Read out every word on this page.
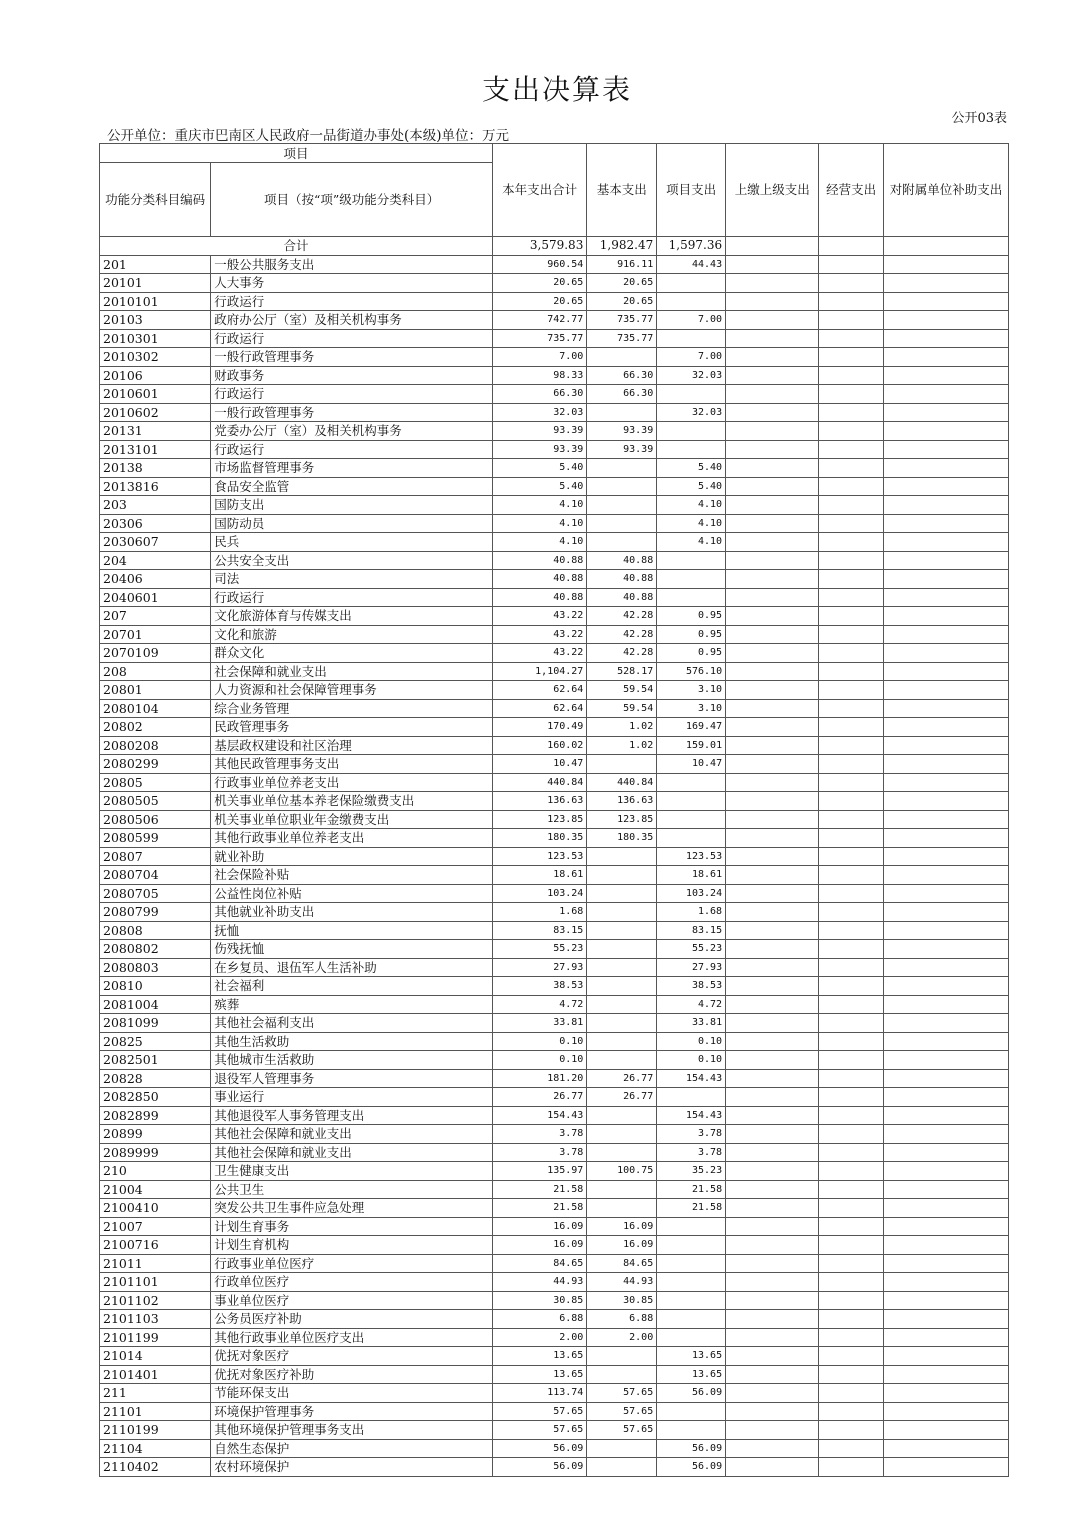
支出决算表
公开03表
公开单位：重庆市巴南区人民政府一品街道办事处(本级)单位：万元
项目		本年支出合计	基本支出	项目支出	上缴上级支出	经营支出	对附属单位补助支出
功能分类科目编码	项目（按“项”级功能分类科目）						
合计		3,579.83	1,982.47	1,597.36			
201	一般公共服务支出	960.54	916.11	44.43			
20101	人大事务	20.65	20.65				
2010101	行政运行	20.65	20.65				
20103	政府办公厅（室）及相关机构事务	742.77	735.77	7.00			
2010301	行政运行	735.77	735.77				
2010302	一般行政管理事务	7.00		7.00			
20106	财政事务	98.33	66.30	32.03			
2010601	行政运行	66.30	66.30				
2010602	一般行政管理事务	32.03		32.03			
20131	党委办公厅（室）及相关机构事务	93.39	93.39				
2013101	行政运行	93.39	93.39				
20138	市场监督管理事务	5.40		5.40			
2013816	食品安全监管	5.40		5.40			
203	国防支出	4.10		4.10			
20306	国防动员	4.10		4.10			
2030607	民兵	4.10		4.10			
204	公共安全支出	40.88	40.88				
20406	司法	40.88	40.88				
2040601	行政运行	40.88	40.88				
207	文化旅游体育与传媒支出	43.22	42.28	0.95			
20701	文化和旅游	43.22	42.28	0.95			
2070109	群众文化	43.22	42.28	0.95			
208	社会保障和就业支出	1,104.27	528.17	576.10			
20801	人力资源和社会保障管理事务	62.64	59.54	3.10			
2080104	综合业务管理	62.64	59.54	3.10			
20802	民政管理事务	170.49	1.02	169.47			
2080208	基层政权建设和社区治理	160.02	1.02	159.01			
2080299	其他民政管理事务支出	10.47		10.47			
20805	行政事业单位养老支出	440.84	440.84				
2080505	机关事业单位基本养老保险缴费支出	136.63	136.63				
2080506	机关事业单位职业年金缴费支出	123.85	123.85				
2080599	其他行政事业单位养老支出	180.35	180.35				
20807	就业补助	123.53		123.53			
2080704	社会保险补贴	18.61		18.61			
2080705	公益性岗位补贴	103.24		103.24			
2080799	其他就业补助支出	1.68		1.68			
20808	抚恤	83.15		83.15			
2080802	伤残抚恤	55.23		55.23			
2080803	在乡复员、退伍军人生活补助	27.93		27.93			
20810	社会福利	38.53		38.53			
2081004	殡葬	4.72		4.72			
2081099	其他社会福利支出	33.81		33.81			
20825	其他生活救助	0.10		0.10			
2082501	其他城市生活救助	0.10		0.10			
20828	退役军人管理事务	181.20	26.77	154.43			
2082850	事业运行	26.77	26.77				
2082899	其他退役军人事务管理支出	154.43		154.43			
20899	其他社会保障和就业支出	3.78		3.78			
2089999	其他社会保障和就业支出	3.78		3.78			
210	卫生健康支出	135.97	100.75	35.23			
21004	公共卫生	21.58		21.58			
2100410	突发公共卫生事件应急处理	21.58		21.58			
21007	计划生育事务	16.09	16.09				
2100716	计划生育机构	16.09	16.09				
21011	行政事业单位医疗	84.65	84.65				
2101101	行政单位医疗	44.93	44.93				
2101102	事业单位医疗	30.85	30.85				
2101103	公务员医疗补助	6.88	6.88				
2101199	其他行政事业单位医疗支出	2.00	2.00				
21014	优抚对象医疗	13.65		13.65			
2101401	优抚对象医疗补助	13.65		13.65			
211	节能环保支出	113.74	57.65	56.09			
21101	环境保护管理事务	57.65	57.65				
2110199	其他环境保护管理事务支出	57.65	57.65				
21104	自然生态保护	56.09		56.09			
2110402	农村环境保护	56.09		56.09			
